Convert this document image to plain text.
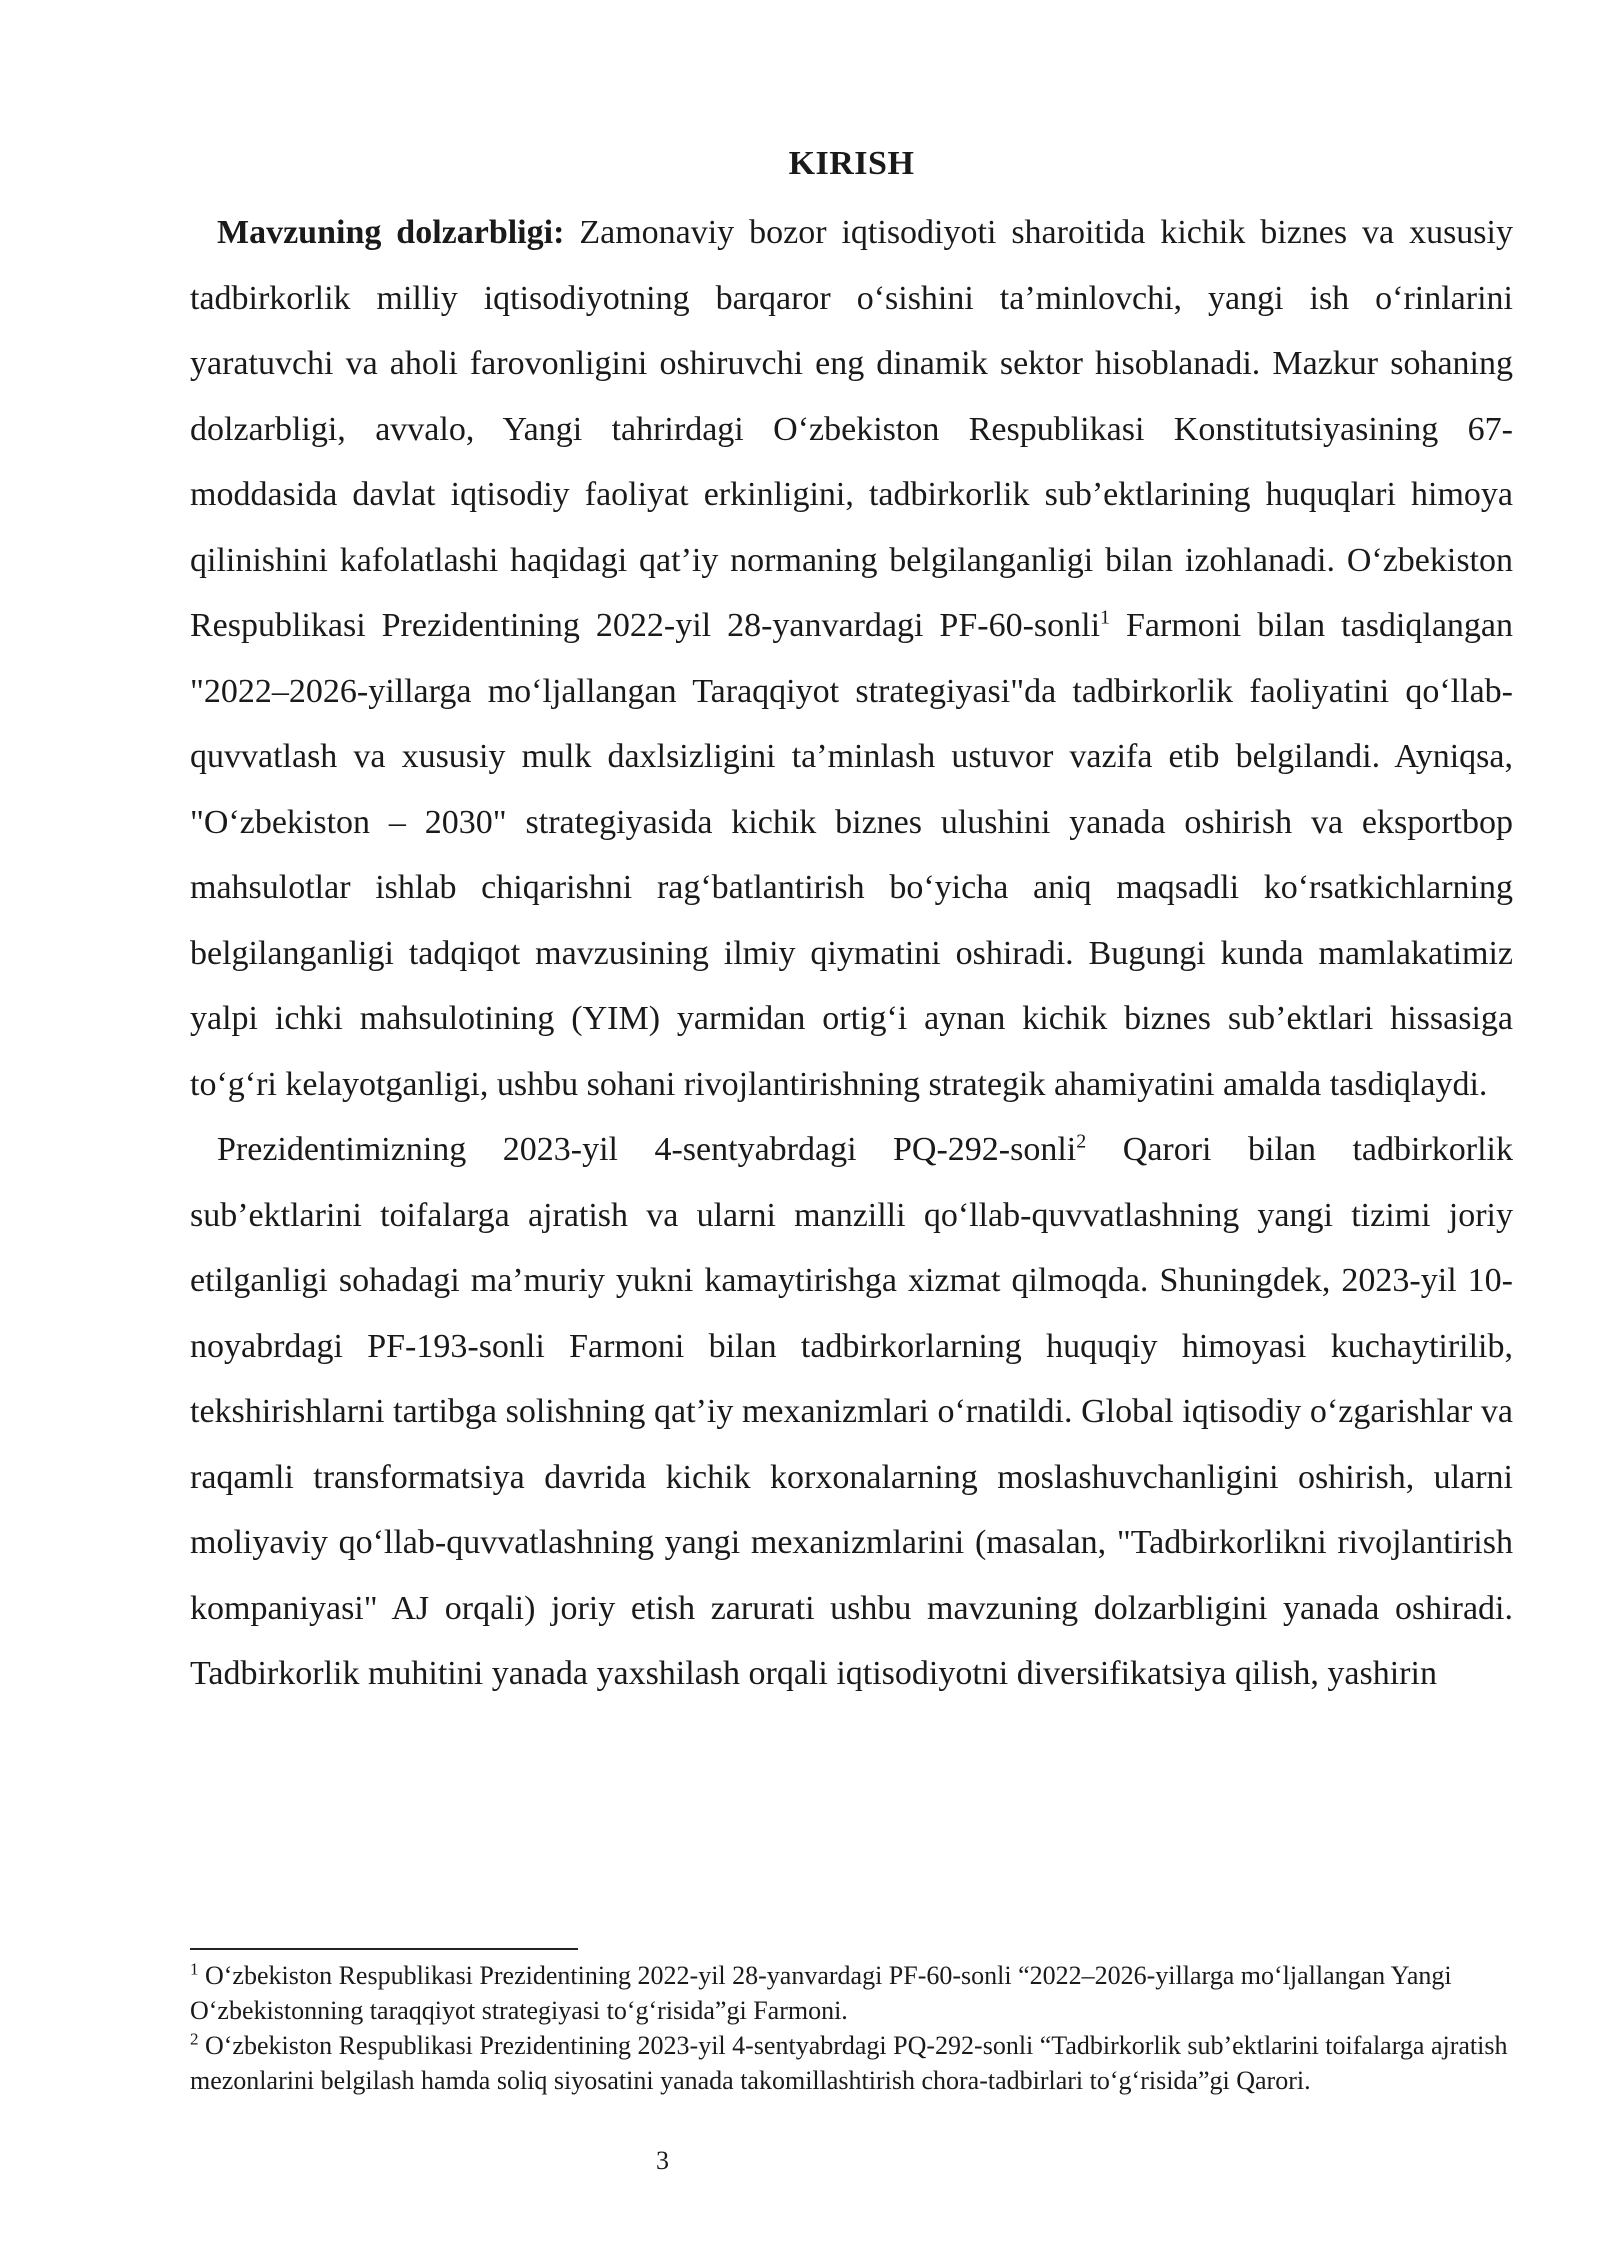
KIRISH

Mavzuning dolzarbligi: Zamonaviy bozor iqtisodiyoti sharoitida kichik biznes va xususiy tadbirkorlik milliy iqtisodiyotning barqaror o‘sishini ta’minlovchi, yangi ish o‘rinlarini yaratuvchi va aholi farovonligini oshiruvchi eng dinamik sektor hisoblanadi. Mazkur sohaning dolzarbligi, avvalo, Yangi tahrirdagi O‘zbekiston Respublikasi Konstitutsiyasining 67-moddasida davlat iqtisodiy faoliyat erkinligini, tadbirkorlik sub’ektlarining huquqlari himoya qilinishini kafolatlashi haqidagi qat’iy normaning belgilanganligi bilan izohlanadi. O‘zbekiston Respublikasi Prezidentining 2022-yil 28-yanvardagi PF-60-sonli$^1$ Farmoni bilan tasdiqlangan "2022–2026-yillarga mo‘ljallangan Taraqqiyot strategiyasi"da tadbirkorlik faoliyatini qo‘llab-quvvatlash va xususiy mulk daxlsizligini ta’minlash ustuvor vazifa etib belgilandi. Ayniqsa, "O‘zbekiston – 2030" strategiyasida kichik biznes ulushini yanada oshirish va eksportbop mahsulotlar ishlab chiqarishni rag‘batlantirish bo‘yicha aniq maqsadli ko‘rsatkichlarning belgilanganligi tadqiqot mavzusining ilmiy qiymatini oshiradi. Bugungi kunda mamlakatimiz yalpi ichki mahsulotining (YIM) yarmidan ortig‘i aynan kichik biznes sub’ektlari hissasiga to‘g‘ri kelayotganligi, ushbu sohani rivojlantirishning strategik ahamiyatini amalda tasdiqlaydi.

Prezidentimizning 2023-yil 4-sentyabrdagi PQ-292-sonli$^2$ Qarori bilan tadbirkorlik sub’ektlarini toifalarga ajratish va ularni manzilli qo‘llab-quvvatlashning yangi tizimi joriy etilganligi sohadagi ma’muriy yukni kamaytirishga xizmat qilmoqda. Shuningdek, 2023-yil 10-noyabrdagi PF-193-sonli Farmoni bilan tadbirkorlarning huquqiy himoyasi kuchaytirilib, tekshirishlarni tartibga solishning qat’iy mexanizmlari o‘rnatildi. Global iqtisodiy o‘zgarishlar va raqamli transformatsiya davrida kichik korxonalarning moslashuvchanligini oshirish, ularni moliyaviy qo‘llab-quvvatlashning yangi mexanizmlarini (masalan, "Tadbirkorlikni rivojlantirish kompaniyasi" AJ orqali) joriy etish zarurati ushbu mavzuning dolzarbligini yanada oshiradi. Tadbirkorlik muhitini yanada yaxshilash orqali iqtisodiyotni diversifikatsiya qilish, yashirin

$^1$ O‘zbekiston Respublikasi Prezidentining 2022-yil 28-yanvardagi PF-60-sonli “2022–2026-yillarga mo‘ljallangan Yangi O‘zbekistonning taraqqiyot strategiyasi to‘g‘risida”gi Farmoni.

$^2$ O‘zbekiston Respublikasi Prezidentining 2023-yil 4-sentyabrdagi PQ-292-sonli “Tadbirkorlik sub’ektlarini toifalarga ajratish mezonlarini belgilash hamda soliq siyosatini yanada takomillashtirish chora-tadbirlari to‘g‘risida”gi Qarori.

3
